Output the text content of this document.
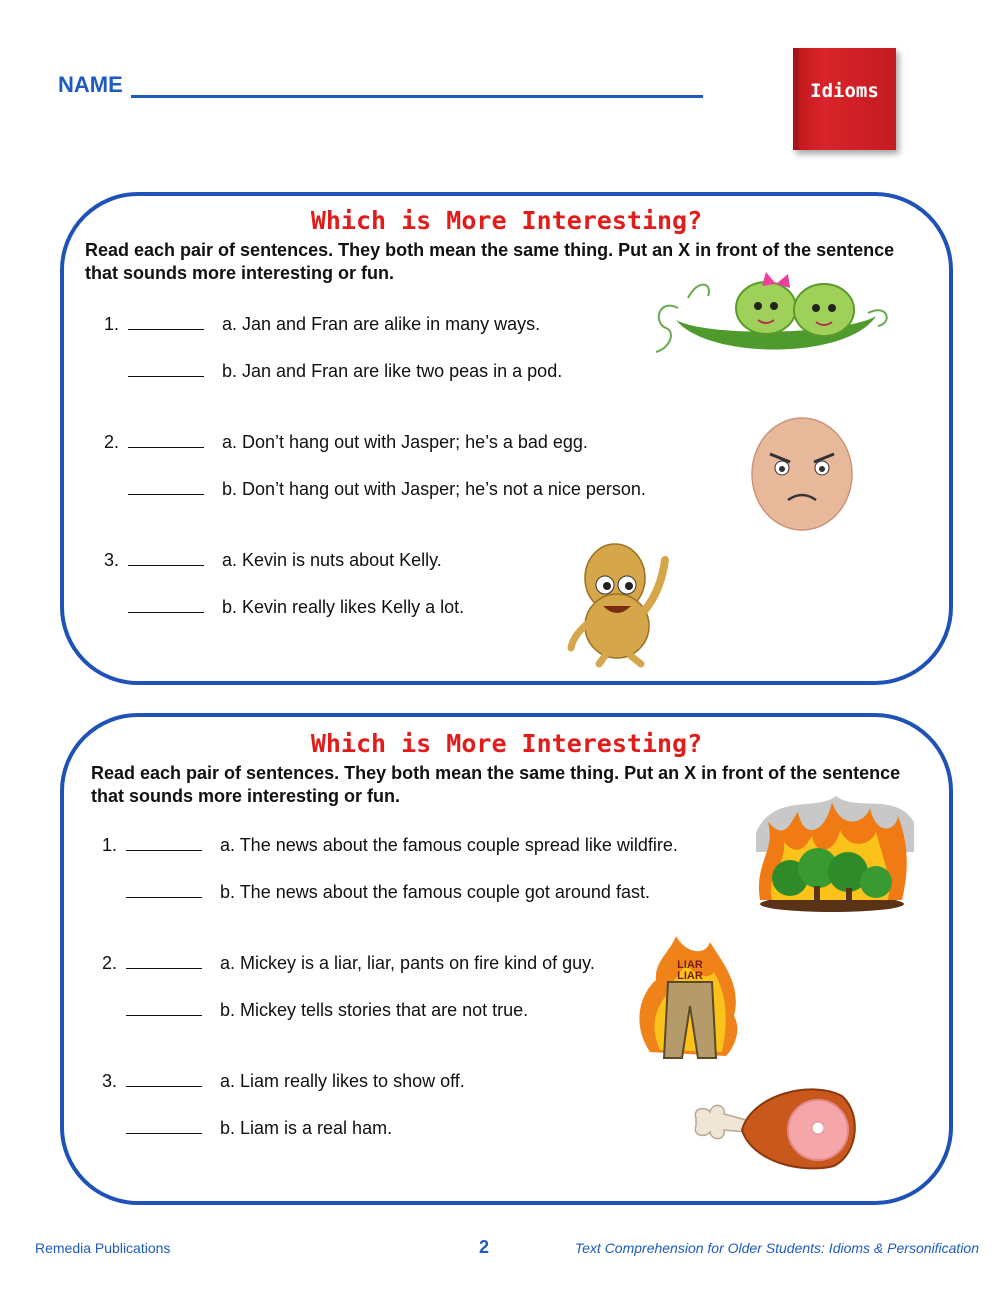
NAME	Idioms
Which is More Interesting?
Read each pair of sentences. They both mean the same thing. Put an X in front of the sentence that sounds more interesting or fun.
1.	a. Jan and Fran are alike in many ways.
b. Jan and Fran are like two peas in a pod.
2.	a. Don’t hang out with Jasper; he’s a bad egg.
b. Don’t hang out with Jasper; he’s not a nice person.
3.	a. Kevin is nuts about Kelly.
b. Kevin really likes Kelly a lot.
Which is More Interesting?
Read each pair of sentences. They both mean the same thing. Put an X in front of the sentence that sounds more interesting or fun.
1.	a. The news about the famous couple spread like wildfire.
b. The news about the famous couple got around fast.
2.	a. Mickey is a liar, liar, pants on fire kind of guy.
b. Mickey tells stories that are not true.
3.	a. Liam really likes to show off.
b. Liam is a real ham.
LIAR
LIAR
Remedia Publications	2	Text Comprehension for Older Students: Idioms & Personification
